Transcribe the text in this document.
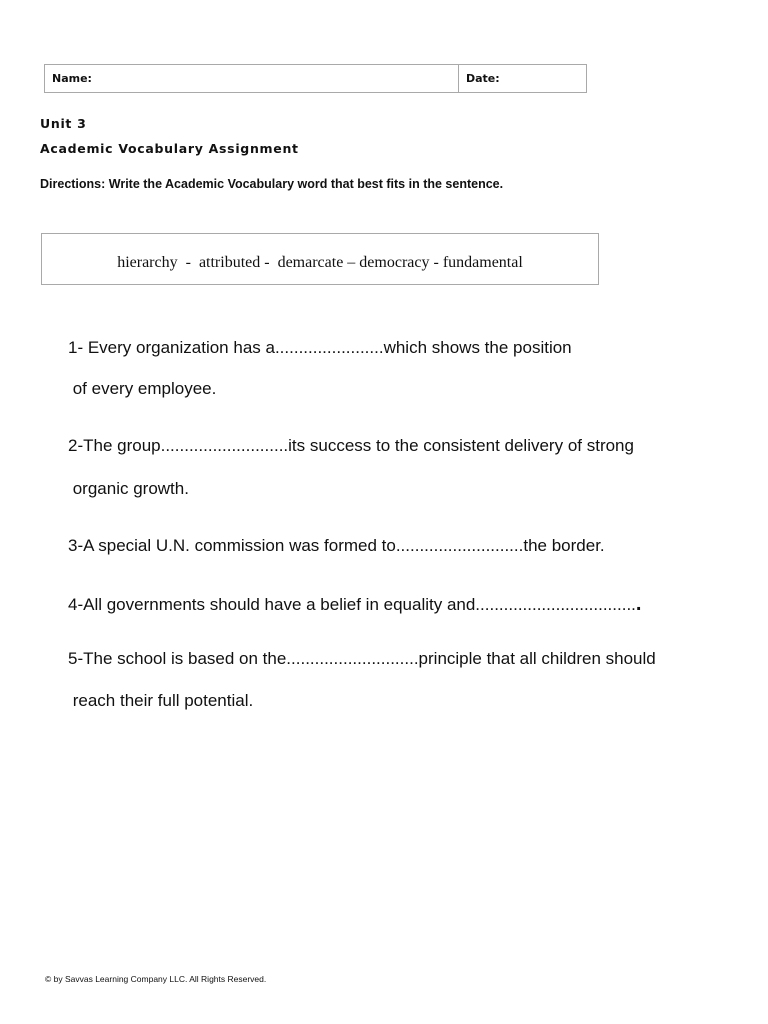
Name:	Date:
Unit 3
Academic Vocabulary Assignment
Directions: Write the Academic Vocabulary word that best fits in the sentence.
hierarchy  -  attributed -  demarcate – democracy - fundamental
1- Every organization has a.......................which shows the position
of every employee.
2-The group...........................its success to the consistent delivery of strong
organic growth.
3-A special U.N. commission was formed to...........................the border.
4-All governments should have a belief in equality and...................................
5-The school is based on the............................principle that all children should
reach their full potential.
© by Savvas Learning Company LLC. All Rights Reserved.
